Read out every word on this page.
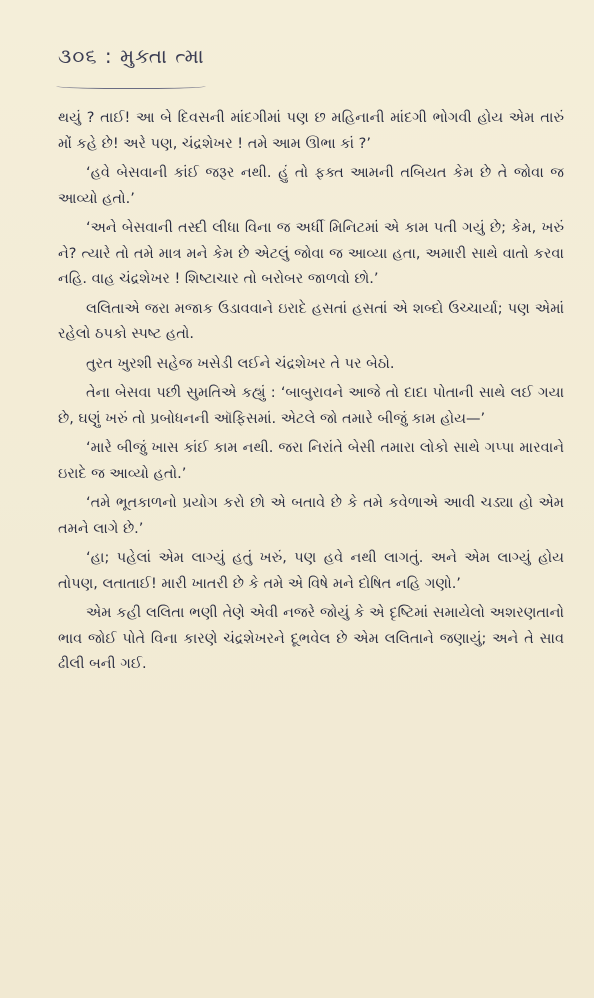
૩૦૬ : મુક્તા ત્મા

થયું ? તાઈ! આ બે દિવસની માંદગીમાં પણ છ મહિનાની માંદગી ભોગવી હોય એમ તારું મોં કહે છે! અરે પણ, ચંદ્રશેખર ! તમે આમ ઊભા કાં ?’

‘હવે બેસવાની કાંઈ જરૂર નથી. હું તો ફક્ત આમની તબિયત કેમ છે તે જોવા જ આવ્યો હતો.’

‘અને બેસવાની તસ્દી લીધા વિના જ અર્ધી મિનિટમાં એ કામ પતી ગયું છે; કેમ, ખરું ને? ત્યારે તો તમે માત્ર મને કેમ છે એટલું જોવા જ આવ્યા હતા, અમારી સાથે વાતો કરવા નહિ. વાહ ચંદ્રશેખર ! શિષ્ટાચાર તો બરોબર જાળવો છો.’

લલિતાએ જરા મજાક ઉડાવવાને ઇરાદે હસતાં હસતાં એ શબ્દો ઉચ્ચાર્યા; પણ એમાં રહેલો ઠપકો સ્પષ્ટ હતો.

તુરત ખુરશી સહેજ ખસેડી લઈને ચંદ્રશેખર તે પર બેઠો.

તેના બેસવા પછી સુમતિએ કહ્યું : ‘બાબુરાવને આજે તો દાદા પોતાની સાથે લઈ ગયા છે, ઘણું ખરું તો પ્રબોધનની ઑફિસમાં. એટલે જો તમારે બીજું કામ હોય—’

‘મારે બીજું ખાસ કાંઈ કામ નથી. જરા નિરાંતે બેસી તમારા લોકો સાથે ગપ્પા મારવાને ઇરાદે જ આવ્યો હતો.’

‘તમે ભૂતકાળનો પ્રયોગ કરો છો એ બતાવે છે કે તમે કવેળાએ આવી ચડ્યા હો એમ તમને લાગે છે.’

‘હા; પહેલાં એમ લાગ્યું હતું ખરું, પણ હવે નથી લાગતું. અને એમ લાગ્યું હોય તોપણ, લતાતાઈ! મારી ખાતરી છે કે તમે એ વિષે મને દોષિત નહિ ગણો.’

એમ કહી લલિતા ભણી તેણે એવી નજરે જોયું કે એ દૃષ્ટિમાં સમાયેલો અશરણતાનો ભાવ જોઈ પોતે વિના કારણે ચંદ્રશેખરને દૂભવેલ છે એમ લલિતાને જણાયું; અને તે સાવ ઢીલી બની ગઈ.
